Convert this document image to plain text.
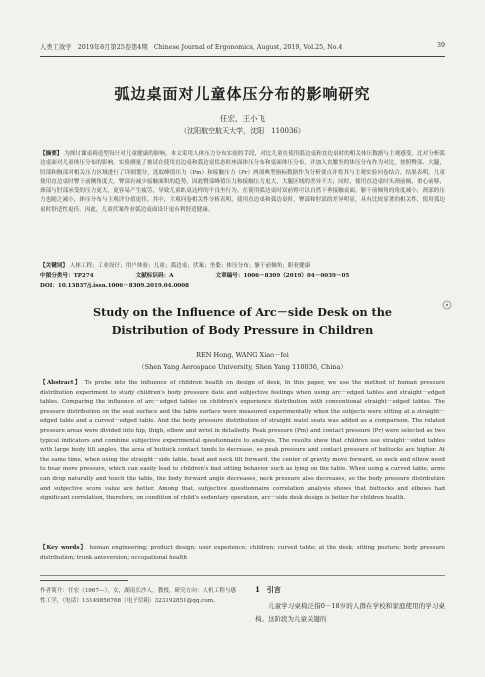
人类工效学　2019年8月第25卷第4期　Chinese Journal of Ergonomics, August, 2019, Vol.25, No.4	39
弧边桌面对儿童体压分布的影响研究
任宏，王小飞
（沈阳航空航天大学，沈阳　110036）
【摘要】 为探讨课桌椅造型设计对儿童健康的影响，本文采用人体压力分布实验的手段，对比儿童在使用弧边桌和直边桌时的相关体压数据与主观感受，比对分析弧边桌面对儿童体压分布的影响。实验测量了被试在使用直边桌和弧边桌状态时座面体压分布和桌面体压分布，并加入直腰坐的体压分布作为对比，按照臀部、大腿，肘部和胸部对相关压力区域进行了详细划分，选取峰值压力（Pm）和接触压力（Pr）两项典型指标数据作为分析要点并将其与主观实验问卷结合。结果表明，儿童使用直边桌时臀下前侧角度大，臀部有减少接触面积的趋势，因此臀部峰值压力和接触压力更大，大腿区域的差异不大；同时，使用直边桌时头颈前倾，重心前移，颈部与肘部承受的压力更大，更容易产生疲劳，导致儿童趴桌这样的不良坐行为。在使用弧边桌时双前臂可以自然下垂接触桌面，躯干前倾角的角度减小，颈部的压力也随之减小，体压分布与主观评分值更佳。其中，主观问卷相关性分析表明，使用直边桌和弧边桌时，臀部和肘部的差异明显，具有比较显著的相关性，使用弧边桌时舒适性更佳。因此，儿童伏案作业弧边桌面设计更有利舒适健康。
【关键词】 人体工程；工业设计；用户体验；儿童；弧边桌；伏案；坐姿；体压分布；躯干前倾角；职业健康
中图分类号：TP274	文献标识码：A	文章编号：1006－8309（2019）04－0039－05
DOI：10.13837/j.issn.1006－8309.2019.04.0008
Study on the Influence of Arc－side Desk on the
Distribution of Body Pressure in Children
REN Hong, WANG Xiao－fei
（Shen Yang Aerospace University, Shen Yang 110036, China）
【Abstract】 To probe into the influence of children health on design of desk, In this paper, we use the method of human pressure distribution experiment to study children's body pressure date and subjective feelings when using arc－edged tables and straight－edged tables. Comparing the influence of arc－edged tables on children's experience distribution with conventional straight－edged tables. The pressure distribution on the seat surface and the table surface were measured experimentally when the subjects were sitting at a straight－edged table and a curved－edged table. And the body pressure distribution of straight waist seats was added as a comparison. The related pressure areas were divided into hip, thigh, elbow and wrist in detailedly. Peak pressure (Pm) and contact pressure (Pr) were selected as two typical indicators and combine subjective experimental questionnaire to analysis. The results show that children use straight－sided tables with large body tilt angles, the area of buttock contact tends to decrease, so peak pressure and contact pressure of buttocks are higher. At the same time, when using the straight－side table, head and neck tilt forward, the center of gravity move forward, so neck and elbow need to bear more pressure, which can easily lead to children's bad sitting behavior such as lying on the table. When using a curved table, arms can drop naturally and touch the table, the body forward angle decreases, neck pressure also decreases, so the body pressure distribution and subjective score value are better. Among that, subjective questionnaire correlation analysis shows that buttocks and elbows had significant correlation, therefore, on condition of child's sedentary operation, arc－side desk design is better for children health.
【Key words】 human engineering; product design; user experience; children; curved table; at the desk; sitting posture; body pressure distribution; trunk anteversion; occupational health
作者简介：任宏（1967—），女，湖南长沙人，教授，研究方向：人机工程与感性工学，（电话）13149856768（电子信箱）323192851@qq.com。
1　引言
儿童学习桌椅泛指0－18岁的人群在学校和家庭使用的学习桌椅。这阶段为儿童关键的
